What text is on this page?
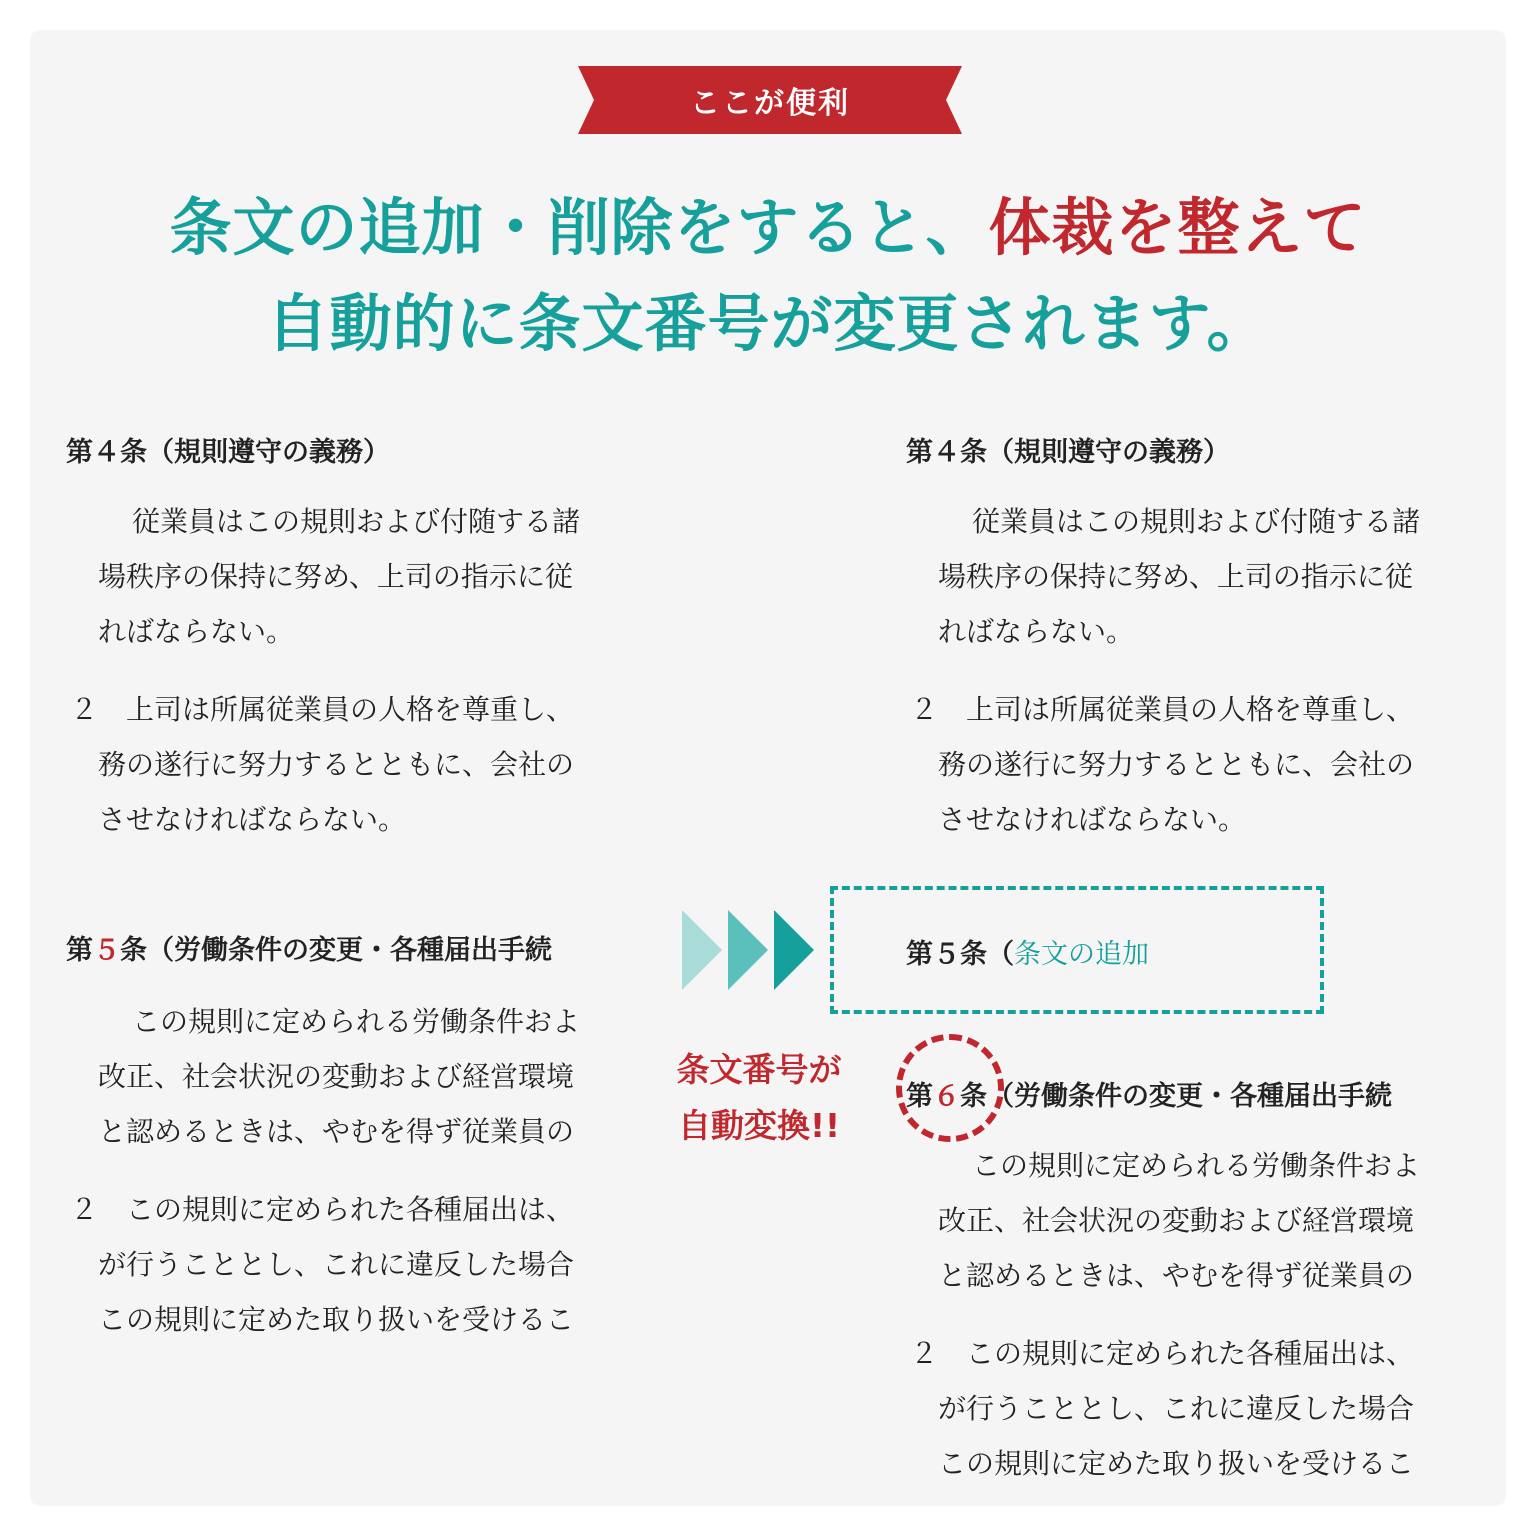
ここが便利
条文の追加・削除をすると、体裁を整えて
自動的に条文番号が変更されます。
第４条（規則遵守の義務）
従業員はこの規則および付随する諸
場秩序の保持に努め、上司の指示に従
ればならない。
２　上司は所属従業員の人格を尊重し、
務の遂行に努力するとともに、会社の
させなければならない。
第５条（労働条件の変更・各種届出手続
この規則に定められる労働条件およ
改正、社会状況の変動および経営環境
と認めるときは、やむを得ず従業員の
２　この規則に定められた各種届出は、
が行うこととし、これに違反した場合
この規則に定めた取り扱いを受けるこ
第４条（規則遵守の義務）
従業員はこの規則および付随する諸
場秩序の保持に努め、上司の指示に従
ればならない。
２　上司は所属従業員の人格を尊重し、
務の遂行に努力するとともに、会社の
させなければならない。
第５条（条文の追加
第６条（労働条件の変更・各種届出手続
この規則に定められる労働条件およ
改正、社会状況の変動および経営環境
と認めるときは、やむを得ず従業員の
２　この規則に定められた各種届出は、
が行うこととし、これに違反した場合
この規則に定めた取り扱いを受けるこ
条文番号が
自動変換!!
